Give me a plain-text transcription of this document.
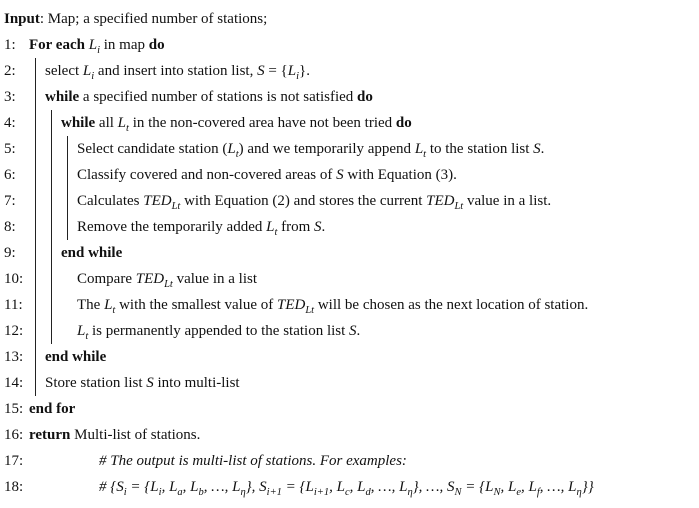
Input: Map; a specified number of stations;
1: For each $L_i$ in map do
2:	select $L_i$ and insert into station list, $S = \{L_i\}$.
3:	while a specified number of stations is not satisfied do
4:	while all $L_t$ in the non-covered area have not been tried do
5:	Select candidate station $(L_t)$ and we temporarily append $L_t$ to the station list S.
6:	Classify covered and non-covered areas of S with Equation (3).
7:	Calculates $TED_{Lt}$ with Equation (2) and stores the current $TED_{Lt}$ value in a list.
8:	Remove the temporarily added $L_t$ from S.
9:	end while
10:	Compare $TED_{Lt}$ value in a list
11:	The $L_t$ with the smallest value of $TED_{Lt}$ will be chosen as the next location of station.
12:	$L_t$ is permanently appended to the station list S.
13:	end while
14:	Store station list S into multi-list
15: end for
16: return Multi-list of stations.
17:	# The output is multi-list of stations. For examples:
18:	# {$S_i = \{L_i$, $L_a$, $L_b$, …, $L_\eta$}, $S_{i+1} = \{L_{i+1}$, $L_c$, $L_d$, …, $L_\eta$}, …, $S_N = \{L_N$, $L_e$, $L_f$, …, $L_\eta$}}
